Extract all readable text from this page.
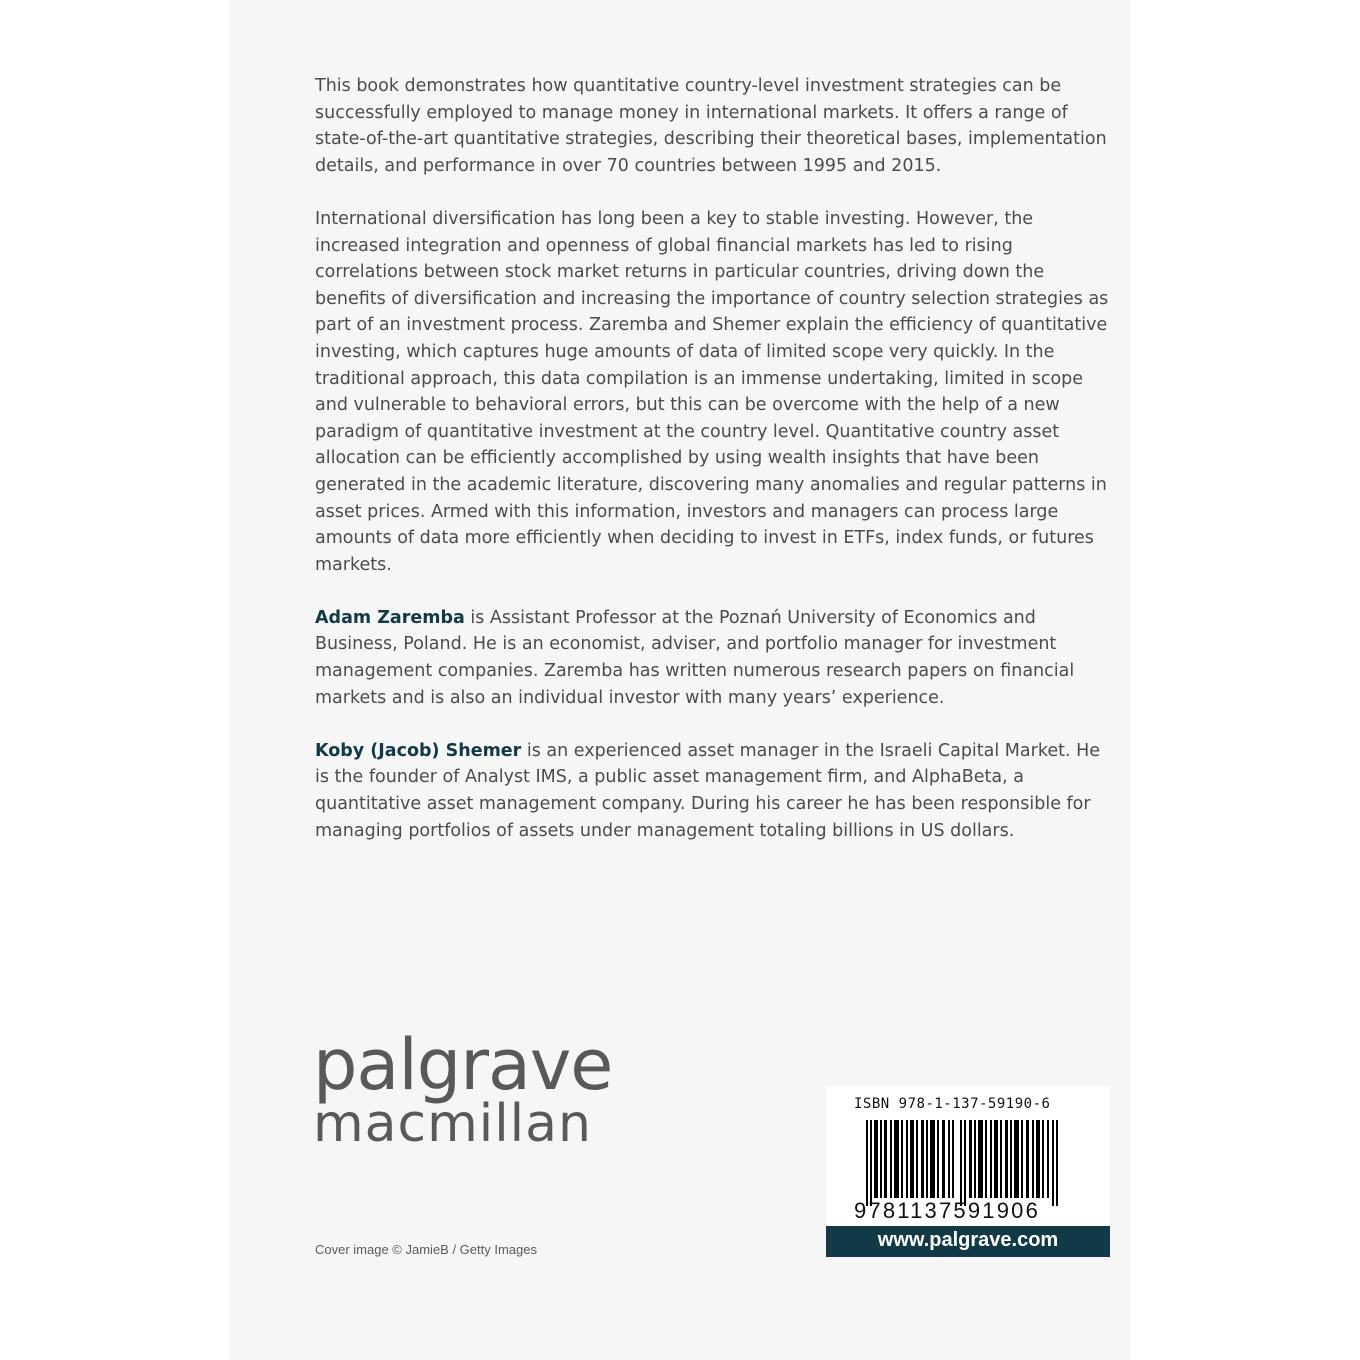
This book demonstrates how quantitative country-level investment strategies can be successfully employed to manage money in international markets. It offers a range of state-of-the-art quantitative strategies, describing their theoretical bases, implementation details, and performance in over 70 countries between 1995 and 2015.

International diversification has long been a key to stable investing. However, the increased integration and openness of global financial markets has led to rising correlations between stock market returns in particular countries, driving down the benefits of diversification and increasing the importance of country selection strategies as part of an investment process. Zaremba and Shemer explain the efficiency of quantitative investing, which captures huge amounts of data of limited scope very quickly. In the traditional approach, this data compilation is an immense undertaking, limited in scope and vulnerable to behavioral errors, but this can be overcome with the help of a new paradigm of quantitative investment at the country level. Quantitative country asset allocation can be efficiently accomplished by using wealth insights that have been generated in the academic literature, discovering many anomalies and regular patterns in asset prices. Armed with this information, investors and managers can process large amounts of data more efficiently when deciding to invest in ETFs, index funds, or futures markets.

Adam Zaremba is Assistant Professor at the Poznań University of Economics and Business, Poland. He is an economist, adviser, and portfolio manager for investment management companies. Zaremba has written numerous research papers on financial markets and is also an individual investor with many years’ experience.

Koby (Jacob) Shemer is an experienced asset manager in the Israeli Capital Market. He is the founder of Analyst IMS, a public asset management firm, and AlphaBeta, a quantitative asset management company. During his career he has been responsible for managing portfolios of assets under management totaling billions in US dollars.

palgrave
macmillan
Cover image © JamieB / Getty Images
ISBN 978-1-137-59190-6
9781137591906
www.palgrave.com
